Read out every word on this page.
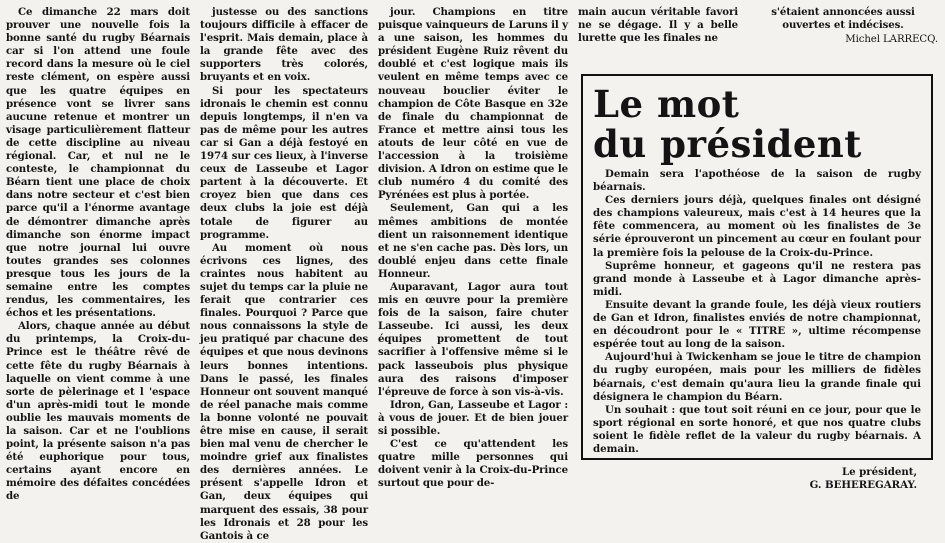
Ce dimanche 22 mars doit prouver une nouvelle fois la bonne santé du rugby Béarnais car si l'on attend une foule record dans la mesure où le ciel reste clément, on espère aussi que les quatre équipes en présence vont se livrer sans aucune retenue et montrer un visage particulièrement flatteur de cette discipline au niveau régional. Car, et nul ne le conteste, le championnat du Béarn tient une place de choix dans notre secteur et c'est bien parce qu'il a l'énorme avantage de démontrer dimanche après dimanche son énorme impact que notre journal lui ouvre toutes grandes ses colonnes presque tous les jours de la semaine entre les comptes rendus, les commentaires, les échos et les présentations.

Alors, chaque année au début du printemps, la Croix-du-Prince est le théâtre rêvé de cette fête du rugby Béarnais à laquelle on vient comme à une sorte de pèlerinage et l 'espace d'un après-midi tout le monde oublie les mauvais moments de la saison. Car et ne l'oublions point, la présente saison n'a pas été euphorique pour tous, certains ayant encore en mémoire des défaites concédées de

justesse ou des sanctions toujours difficile à effacer de l'esprit. Mais demain, place à la grande fête avec des supporters très colorés, bruyants et en voix.

Si pour les spectateurs idronais le chemin est connu depuis longtemps, il n'en va pas de même pour les autres car si Gan a déjà festoyé en 1974 sur ces lieux, à l'inverse ceux de Lasseube et Lagor partent à la découverte. Et croyez bien que dans ces deux clubs la joie est déjà totale de figurer au programme.

Au moment où nous écrivons ces lignes, des craintes nous habitent au sujet du temps car la pluie ne ferait que contrarier ces finales. Pourquoi ? Parce que nous connaissons la style de jeu pratiqué par chacune des équipes et que nous devinons leurs bonnes intentions. Dans le passé, les finales Honneur ont souvent manqué de réel panache mais comme la bonne volonté ne pouvait être mise en cause, il serait bien mal venu de chercher le moindre grief aux finalistes des dernières années. Le présent s'appelle Idron et Gan, deux équipes qui marquent des essais, 38 pour les Idronais et 28 pour les Gantois à ce

jour. Champions en titre puisque vainqueurs de Laruns il y a une saison, les hommes du président Eugène Ruiz rêvent du doublé et c'est logique mais ils veulent en même temps avec ce nouveau bouclier éviter le champion de Côte Basque en 32e de finale du championnat de France et mettre ainsi tous les atouts de leur côté en vue de l'accession à la troisième division. A Idron on estime que le club numéro 4 du comité des Pyrénées est plus à portée.

Seulement, Gan qui a les mêmes ambitions de montée dient un raisonnement identique et ne s'en cache pas. Dès lors, un doublé enjeu dans cette finale Honneur.

Auparavant, Lagor aura tout mis en œuvre pour la première fois de la saison, faire chuter Lasseube. Ici aussi, les deux équipes promettent de tout sacrifier à l'offensive même si le pack lasseubois plus physique aura des raisons d'imposer l'épreuve de force à son vis-à-vis.

Idron, Gan, Lasseube et Lagor : à vous de jouer. Et de bien jouer si possible.

C'est ce qu'attendent les quatre mille personnes qui doivent venir à la Croix-du-Prince surtout que pour de-

main aucun véritable favori ne se dégage. Il y a belle lurette que les finales ne

s'étaient annoncées aussi ouvertes et indécises.

Michel LARRECQ.

Le mot
du président

Demain sera l'apothéose de la saison de rugby béarnais.

Ces derniers jours déjà, quelques finales ont désigné des champions valeureux, mais c'est à 14 heures que la fête commencera, au moment où les finalistes de 3e série éprouveront un pincement au cœur en foulant pour la première fois la pelouse de la Croix-du-Prince.

Suprême honneur, et gageons qu'il ne restera pas grand monde à Lasseube et à Lagor dimanche après-midi.

Ensuite devant la grande foule, les déjà vieux routiers de Gan et Idron, finalistes enviés de notre championnat, en découdront pour le « TITRE », ultime récompense espérée tout au long de la saison.

Aujourd'hui à Twickenham se joue le titre de champion du rugby européen, mais pour les milliers de fidèles béarnais, c'est demain qu'aura lieu la grande finale qui désignera le champion du Béarn.

Un souhait : que tout soit réuni en ce jour, pour que le sport régional en sorte honoré, et que nos quatre clubs soient le fidèle reflet de la valeur du rugby béarnais. A demain.

Le président,
G. BEHEREGARAY.
